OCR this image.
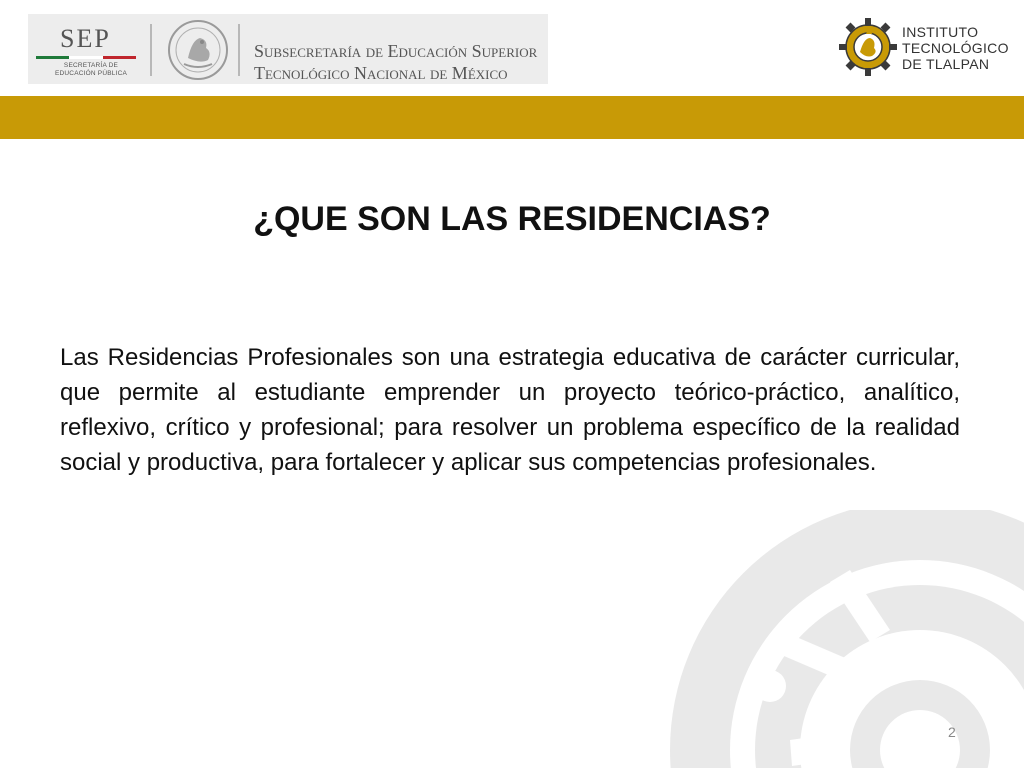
SEP
SECRETARÍA DE
EDUCACIÓN PÚBLICA
Subsecretaría de Educación Superior
Tecnológico Nacional de México
INSTITUTO
TECNOLÓGICO
DE TLALPAN
¿QUE SON LAS RESIDENCIAS?
Las Residencias Profesionales son una estrategia educativa de carácter curricular, que permite al estudiante emprender un proyecto teórico-práctico, analítico, reflexivo, crítico y profesional; para resolver un problema específico de la realidad social y productiva, para fortalecer y aplicar sus competencias profesionales.
2
